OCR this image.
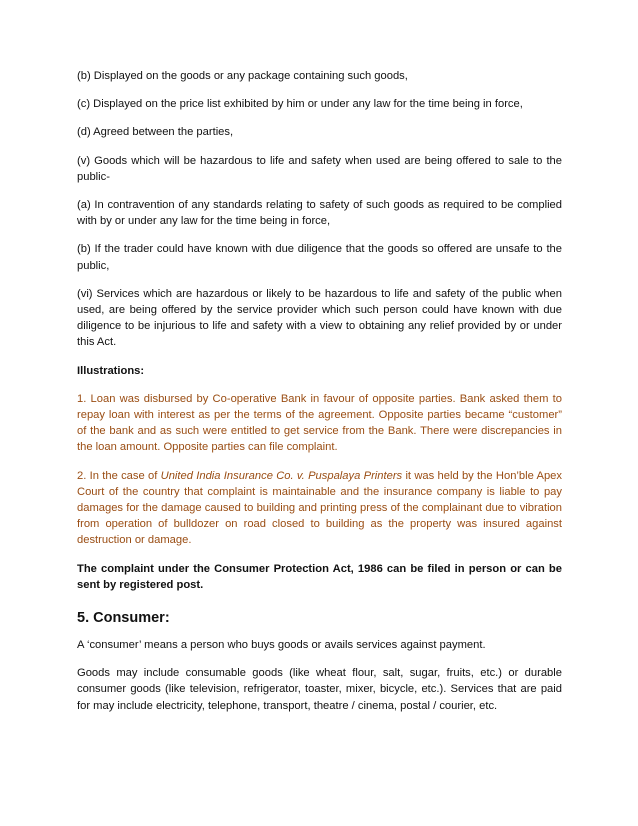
(b) Displayed on the goods or any package containing such goods,

(c) Displayed on the price list exhibited by him or under any law for the time being in force,

(d) Agreed between the parties,

(v) Goods which will be hazardous to life and safety when used are being offered to sale to the public-

(a) In contravention of any standards relating to safety of such goods as required to be complied with by or under any law for the time being in force,

(b) If the trader could have known with due diligence that the goods so offered are unsafe to the public,

(vi) Services which are hazardous or likely to be hazardous to life and safety of the public when used, are being offered by the service provider which such person could have known with due diligence to be injurious to life and safety with a view to obtaining any relief provided by or under this Act.

Illustrations:

1. Loan was disbursed by Co-operative Bank in favour of opposite parties. Bank asked them to repay loan with interest as per the terms of the agreement. Opposite parties became “customer” of the bank and as such were entitled to get service from the Bank. There were discrepancies in the loan amount. Opposite parties can file complaint.

2. In the case of United India Insurance Co. v. Puspalaya Printers it was held by the Hon’ble Apex Court of the country that complaint is maintainable and the insurance company is liable to pay damages for the damage caused to building and printing press of the complainant due to vibration from operation of bulldozer on road closed to building as the property was insured against destruction or damage.

The complaint under the Consumer Protection Act, 1986 can be filed in person or can be sent by registered post.

5. Consumer:

A ‘consumer’ means a person who buys goods or avails services against payment.

Goods may include consumable goods (like wheat flour, salt, sugar, fruits, etc.) or durable consumer goods (like television, refrigerator, toaster, mixer, bicycle, etc.). Services that are paid for may include electricity, telephone, transport, theatre / cinema, postal / courier, etc.
